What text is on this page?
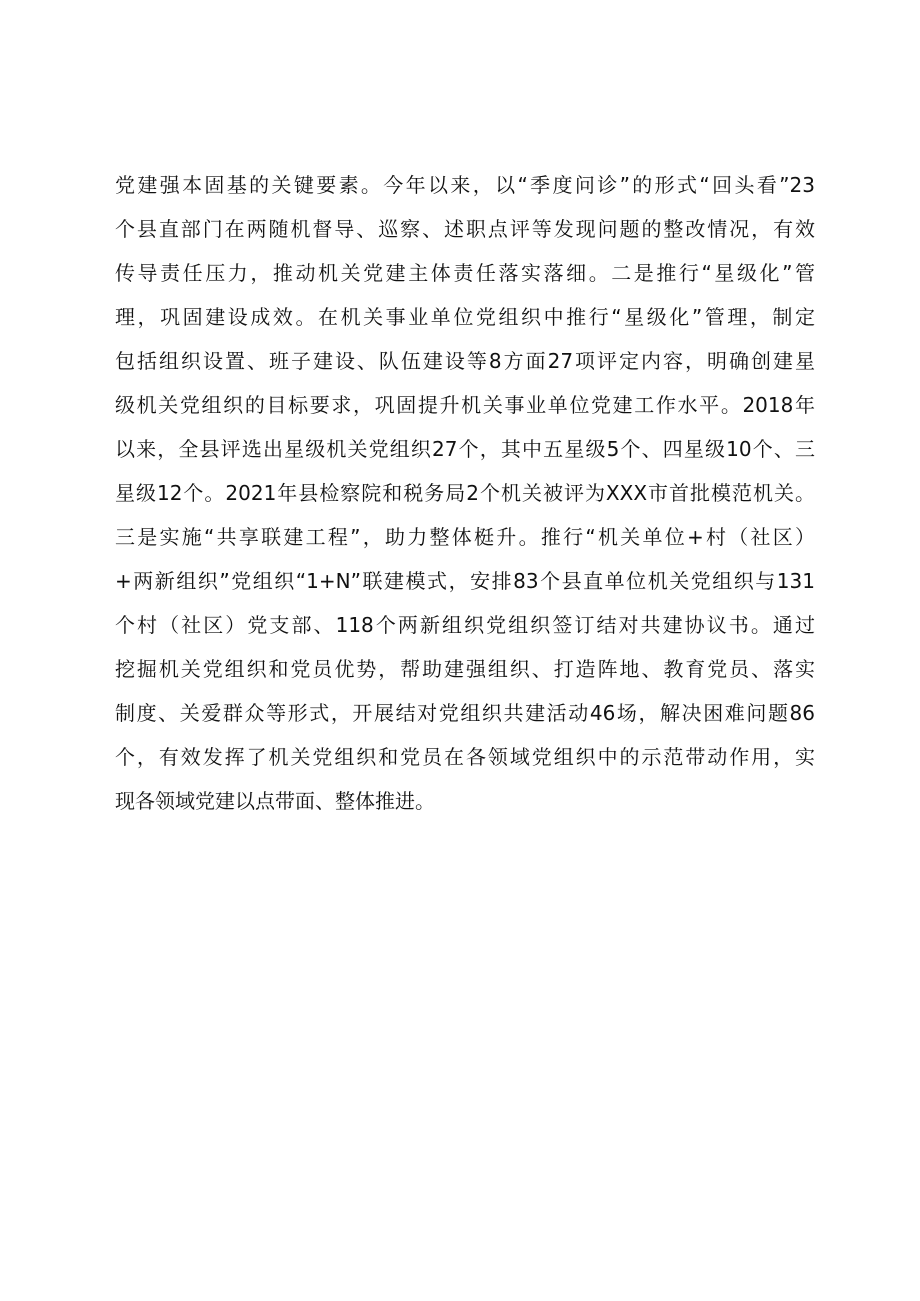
党建强本固基的关键要素。今年以来，以“季度问诊”的形式“回头看”23
个县直部门在两随机督导、巡察、述职点评等发现问题的整改情况，有效
传导责任压力，推动机关党建主体责任落实落细。二是推行“星级化”管
理，巩固建设成效。在机关事业单位党组织中推行“星级化”管理，制定
包括组织设置、班子建设、队伍建设等8方面27项评定内容，明确创建星
级机关党组织的目标要求，巩固提升机关事业单位党建工作水平。2018年
以来，全县评选出星级机关党组织27个，其中五星级5个、四星级10个、三
星级12个。2021年县检察院和税务局2个机关被评为XXX市首批模范机关。
三是实施“共享联建工程”，助力整体梃升。推行“机关单位+村（社区）
+两新组织”党组织“1+N”联建模式，安排83个县直单位机关党组织与131
个村（社区）党支部、118个两新组织党组织签订结对共建协议书。通过
挖掘机关党组织和党员优势，帮助建强组织、打造阵地、教育党员、落实
制度、关爱群众等形式，开展结对党组织共建活动46场，解决困难问题86
个，有效发挥了机关党组织和党员在各领域党组织中的示范带动作用，实
现各领域党建以点带面、整体推进。
